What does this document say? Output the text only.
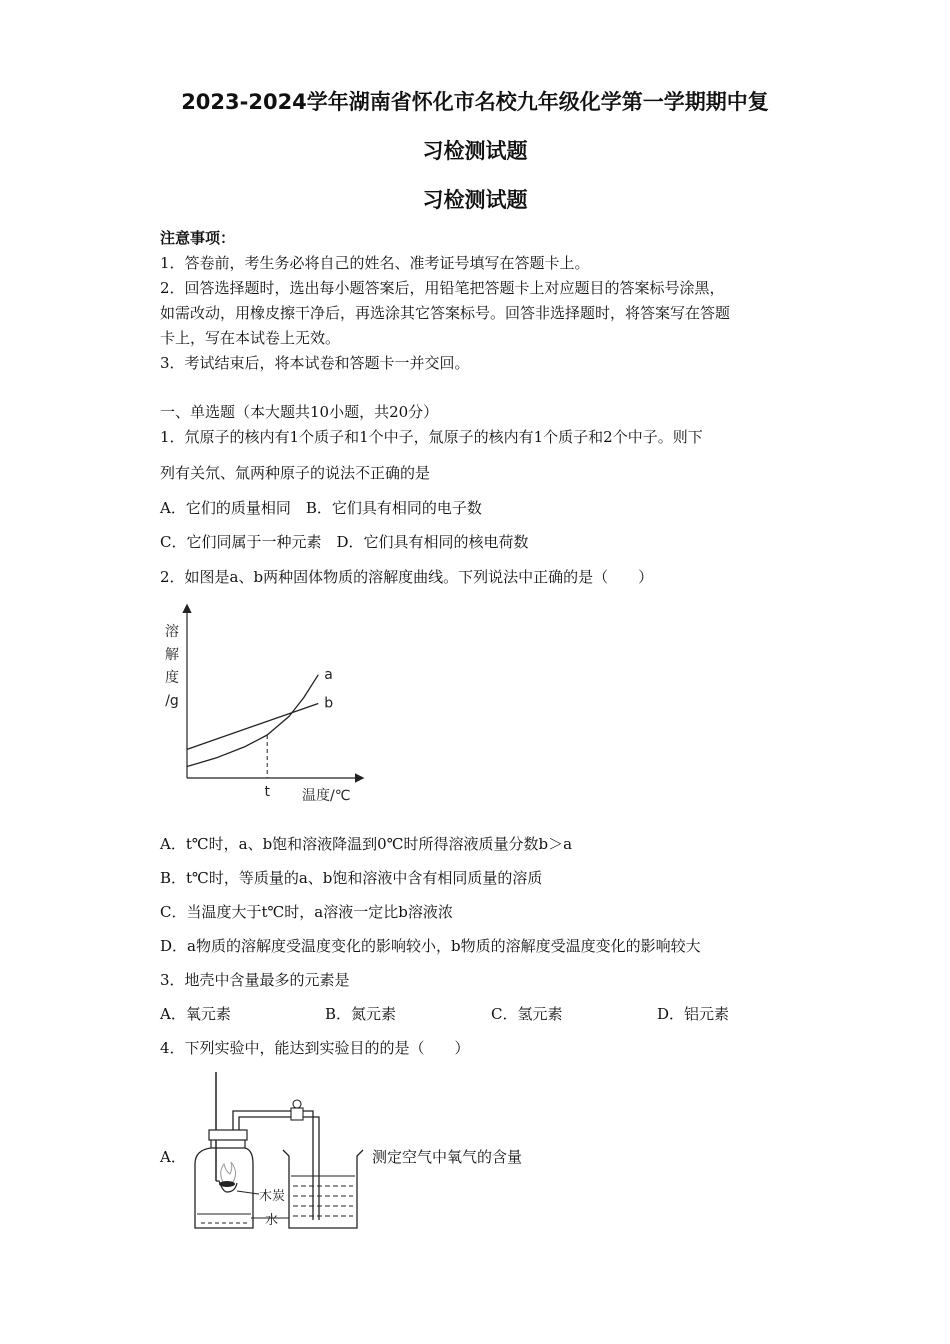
2023-2024学年湖南省怀化市名校九年级化学第一学期期中复
习检测试题
习检测试题
注意事项：
1．答卷前，考生务必将自己的姓名、准考证号填写在答题卡上。
2．回答选择题时，选出每小题答案后，用铅笔把答题卡上对应题目的答案标号涂黑，
如需改动，用橡皮擦干净后，再选涂其它答案标号。回答非选择题时，将答案写在答题
卡上，写在本试卷上无效。
3．考试结束后，将本试卷和答题卡一并交回。
一、单选题（本大题共10小题，共20分）
1．氘原子的核内有1个质子和1个中子，氚原子的核内有1个质子和2个中子。则下
列有关氘、氚两种原子的说法不正确的是
A．它们的质量相同　B．它们具有相同的电子数
C．它们同属于一种元素　D．它们具有相同的核电荷数
2．如图是a、b两种固体物质的溶解度曲线。下列说法中正确的是（　　）
溶
解
度
/g
a
b
t 温度/℃
A．t℃时，a、b饱和溶液降温到0℃时所得溶液质量分数b＞a
B．t℃时，等质量的a、b饱和溶液中含有相同质量的溶质
C．当温度大于t℃时，a溶液一定比b溶液浓
D．a物质的溶解度受温度变化的影响较小，b物质的溶解度受温度变化的影响较大
3．地壳中含量最多的元素是
A．氧元素	B．氮元素	C．氢元素	D．铝元素
4．下列实验中，能达到实验目的的是（　　）
A．	测定空气中氧气的含量
木炭
水
